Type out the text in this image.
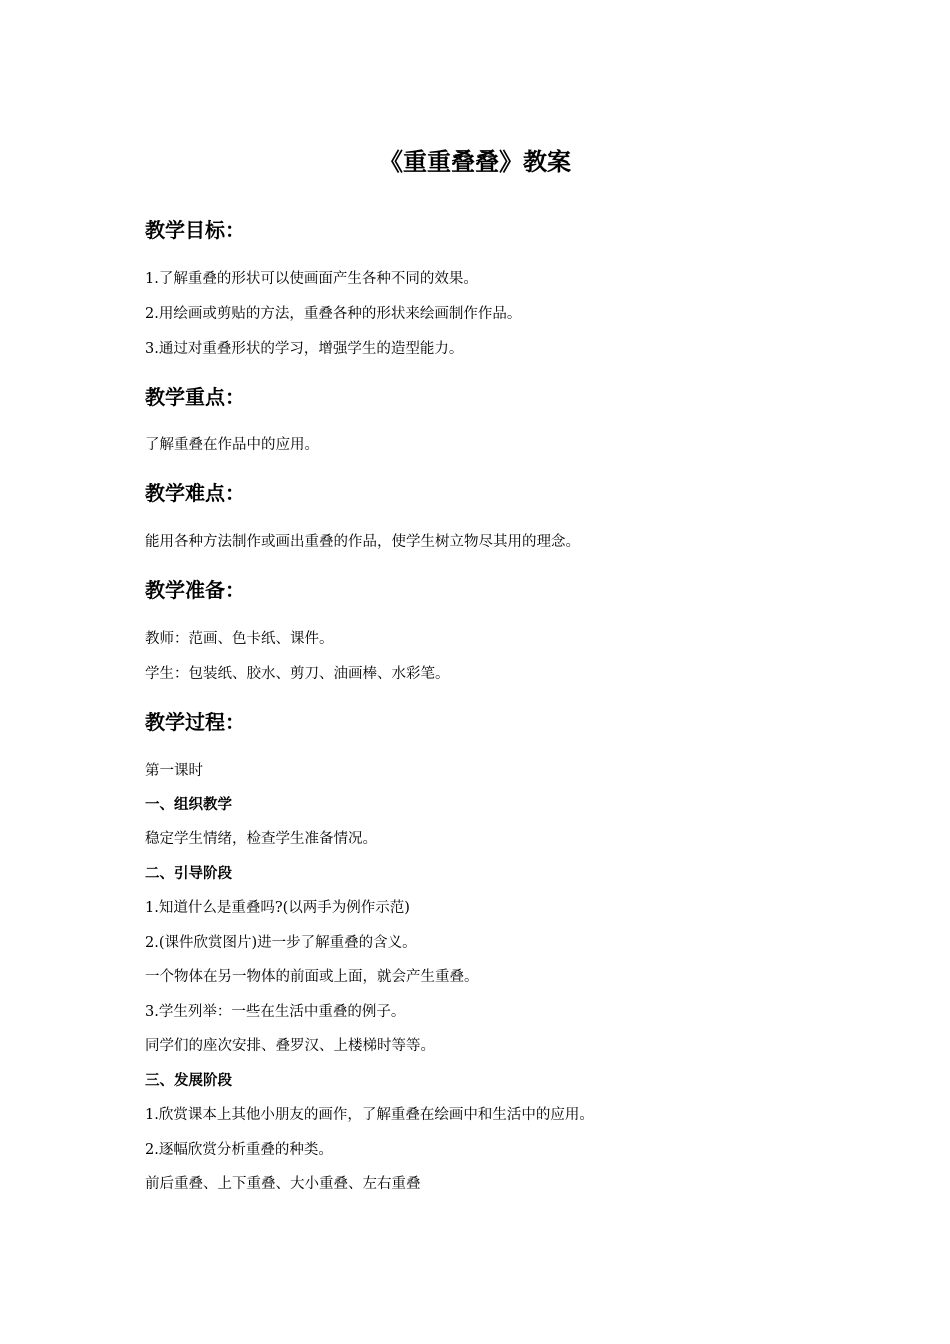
《重重叠叠》教案
教学目标：

1.了解重叠的形状可以使画面产生各种不同的效果。

2.用绘画或剪贴的方法，重叠各种的形状来绘画制作作品。

3.通过对重叠形状的学习，增强学生的造型能力。

教学重点：

了解重叠在作品中的应用。

教学难点：

能用各种方法制作或画出重叠的作品，使学生树立物尽其用的理念。

教学准备：

教师：范画、色卡纸、课件。

学生：包装纸、胶水、剪刀、油画棒、水彩笔。

教学过程：

第一课时

一、组织教学

稳定学生情绪，检查学生准备情况。

二、引导阶段

1.知道什么是重叠吗?(以两手为例作示范)

2.(课件欣赏图片)进一步了解重叠的含义。

一个物体在另一物体的前面或上面，就会产生重叠。

3.学生列举：一些在生活中重叠的例子。

同学们的座次安排、叠罗汉、上楼梯时等等。

三、发展阶段

1.欣赏课本上其他小朋友的画作，了解重叠在绘画中和生活中的应用。

2.逐幅欣赏分析重叠的种类。

前后重叠、上下重叠、大小重叠、左右重叠
